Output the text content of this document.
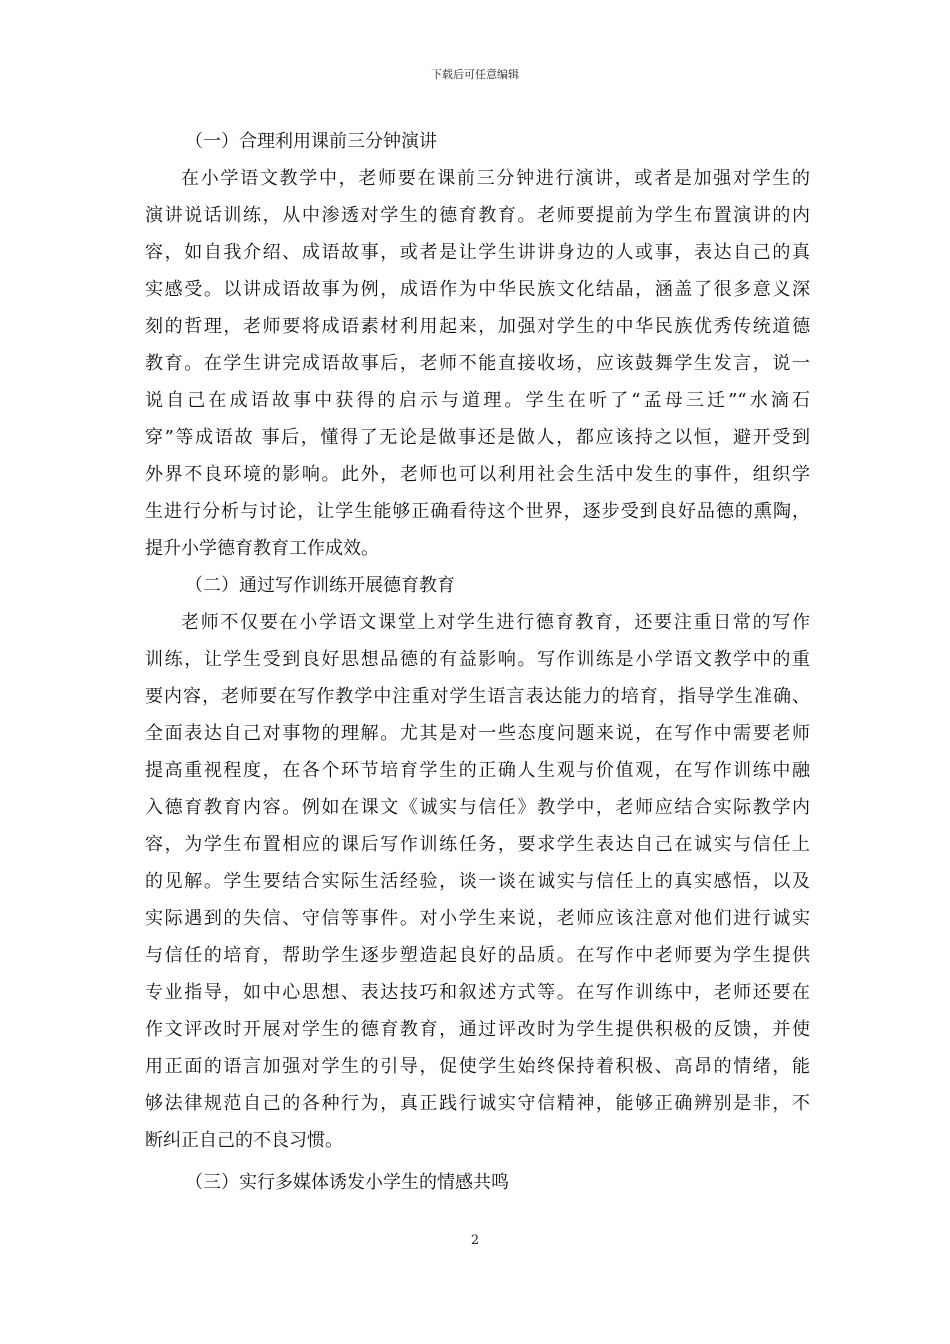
下载后可任意编辑
（一）合理利用课前三分钟演讲
在小学语文教学中，老师要在课前三分钟进行演讲，或者是加强对学生的
演讲说话训练，从中渗透对学生的德育教育。老师要提前为学生布置演讲的内
容，如自我介绍、成语故事，或者是让学生讲讲身边的人或事，表达自己的真
实感受。以讲成语故事为例，成语作为中华民族文化结晶，涵盖了很多意义深
刻的哲理，老师要将成语素材利用起来，加强对学生的中华民族优秀传统道德
教育。在学生讲完成语故事后，老师不能直接收场，应该鼓舞学生发言，说一
说自己在成语故事中获得的启示与道理。学生在听了“孟母三迁”“水滴石
穿”等成语故 事后，懂得了无论是做事还是做人，都应该持之以恒，避开受到
外界不良环境的影响。此外，老师也可以利用社会生活中发生的事件，组织学
生进行分析与讨论，让学生能够正确看待这个世界，逐步受到良好品德的熏陶，
提升小学德育教育工作成效。
（二）通过写作训练开展德育教育
老师不仅要在小学语文课堂上对学生进行德育教育，还要注重日常的写作
训练，让学生受到良好思想品德的有益影响。写作训练是小学语文教学中的重
要内容，老师要在写作教学中注重对学生语言表达能力的培育，指导学生准确、
全面表达自己对事物的理解。尤其是对一些态度问题来说，在写作中需要老师
提高重视程度，在各个环节培育学生的正确人生观与价值观，在写作训练中融
入德育教育内容。例如在课文《诚实与信任》教学中，老师应结合实际教学内
容，为学生布置相应的课后写作训练任务，要求学生表达自己在诚实与信任上
的见解。学生要结合实际生活经验，谈一谈在诚实与信任上的真实感悟，以及
实际遇到的失信、守信等事件。对小学生来说，老师应该注意对他们进行诚实
与信任的培育，帮助学生逐步塑造起良好的品质。在写作中老师要为学生提供
专业指导，如中心思想、表达技巧和叙述方式等。在写作训练中，老师还要在
作文评改时开展对学生的德育教育，通过评改时为学生提供积极的反馈，并使
用正面的语言加强对学生的引导，促使学生始终保持着积极、高昂的情绪，能
够法律规范自己的各种行为，真正践行诚实守信精神，能够正确辨别是非，不
断纠正自己的不良习惯。
（三）实行多媒体诱发小学生的情感共鸣
2
